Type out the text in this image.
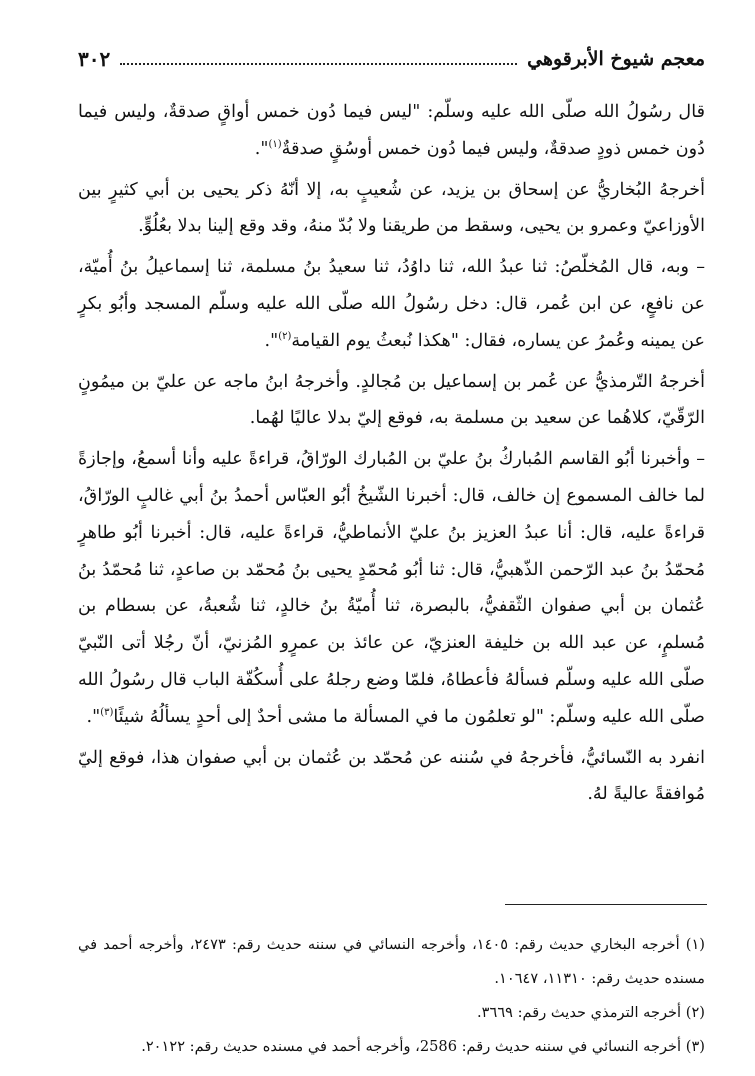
معجم شيوخ الأبرقوهي
٣٠٢

قال رسُولُ الله صلّى الله عليه وسلّم: "ليس فيما دُون خمس أواقٍ صدقةٌ، وليس فيما دُون خمس ذودٍ صدقةٌ، وليس فيما دُون خمس أوسُقٍ صدقةٌ$^{(١)}$".

أخرجهُ البُخاريُّ عن إسحاق بن يزيد، عن شُعيبٍ به، إلا أنّهُ ذكر يحيى بن أبي كثيرٍ بين الأوزاعيّ وعمرو بن يحيى، وسقط من طريقنا ولا بُدّ منهُ، وقد وقع إلينا بدلا بعُلُوٍّ.

– وبه، قال المُخلّصُ: ثنا عبدُ الله، ثنا داوُدُ، ثنا سعيدُ بنُ مسلمة، ثنا إسماعيلُ بنُ أُميّة، عن نافعٍ، عن ابن عُمر، قال: دخل رسُولُ الله صلّى الله عليه وسلّم المسجد وأبُو بكرٍ عن يمينه وعُمرُ عن يساره، فقال: "هكذا نُبعثُ يوم القيامة$^{(٢)}$".

أخرجهُ التّرمذيُّ عن عُمر بن إسماعيل بن مُجالدٍ. وأخرجهُ ابنُ ماجه عن عليّ بن ميمُونٍ الرّقّيّ، كلاهُما عن سعيد بن مسلمة به، فوقع إليّ بدلا عاليًا لهُما.

– وأخبرنا أبُو القاسم المُباركُ بنُ عليّ بن المُبارك الورّاقُ، قراءةً عليه وأنا أسمعُ، وإجازةً لما خالف المسموع إن خالف، قال: أخبرنا الشّيخُ أبُو العبّاس أحمدُ بنُ أبي غالبٍ الورّاقُ، قراءةً عليه، قال: أنا عبدُ العزيز بنُ عليّ الأنماطيُّ، قراءةً عليه، قال: أخبرنا أبُو طاهرٍ مُحمّدُ بنُ عبد الرّحمن الذّهبيُّ، قال: ثنا أبُو مُحمّدٍ يحيى بنُ مُحمّد بن صاعدٍ، ثنا مُحمّدُ بنُ عُثمان بن أبي صفوان الثّقفيُّ، بالبصرة، ثنا أُميّةُ بنُ خالدٍ، ثنا شُعبةُ، عن بسطام بن مُسلمٍ، عن عبد الله بن خليفة العنزيّ، عن عائذ بن عمرٍو المُزنيّ، أنّ رجُلا أتى النّبيّ صلّى الله عليه وسلّم فسألهُ فأعطاهُ، فلمّا وضع رجلهُ على أُسكُفّة الباب قال رسُولُ الله صلّى الله عليه وسلّم: "لو تعلمُون ما في المسألة ما مشى أحدٌ إلى أحدٍ يسألُهُ شيئًا$^{(٣)}$".

انفرد به النّسائيُّ، فأخرجهُ في سُننه عن مُحمّد بن عُثمان بن أبي صفوان هذا، فوقع إليّ مُوافقةً عاليةً لهُ.

(١) أخرجه البخاري حديث رقم: ١٤٠٥، وأخرجه النسائي في سننه حديث رقم: ٢٤٧٣، وأخرجه أحمد في مسنده حديث رقم: ١١٣١٠، ١٠٦٤٧.

(٢) أخرجه الترمذي حديث رقم: ٣٦٦٩.

(٣) أخرجه النسائي في سننه حديث رقم: 2586، وأخرجه أحمد في مسنده حديث رقم: ٢٠١٢٢.
